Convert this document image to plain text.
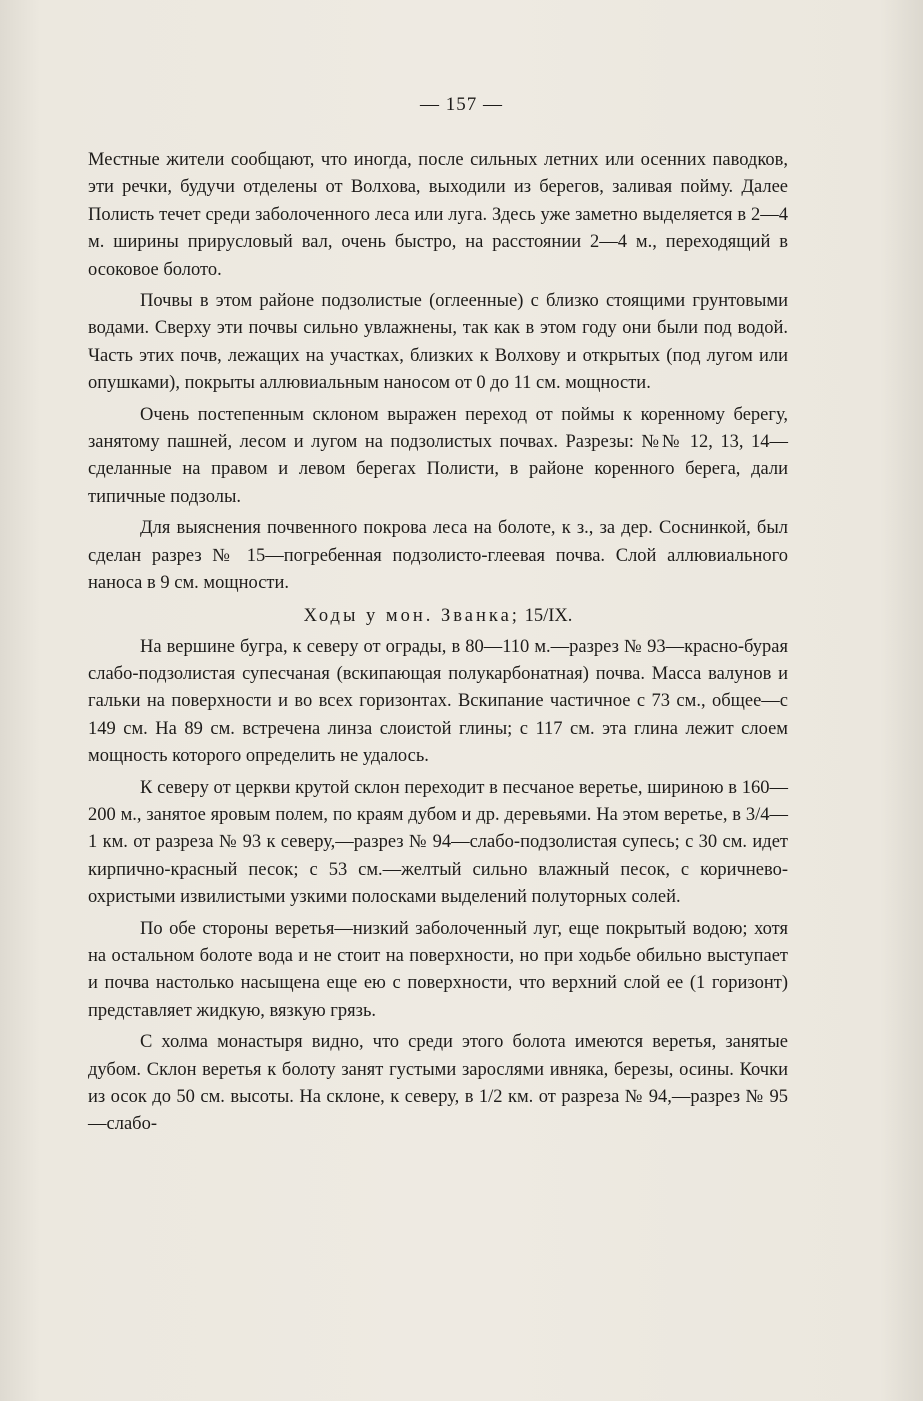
— 157 —

Местные жители сообщают, что иногда, после сильных летних или осенних паводков, эти речки, будучи отделены от Волхова, выходили из берегов, заливая пойму. Далее Полисть течет среди заболоченного леса или луга. Здесь уже заметно выделяется в 2—4 м. ширины прирусловый вал, очень быстро, на расстоянии 2—4 м., переходящий в осоковое болото.

Почвы в этом районе подзолистые (оглеенные) с близко стоящими грунтовыми водами. Сверху эти почвы сильно увлажнены, так как в этом году они были под водой. Часть этих почв, лежащих на участках, близких к Волхову и открытых (под лугом или опушками), покрыты аллювиальным наносом от 0 до 11 см. мощности.

Очень постепенным склоном выражен переход от поймы к коренному берегу, занятому пашней, лесом и лугом на подзолистых почвах. Разрезы: №№ 12, 13, 14—сделанные на правом и левом берегах Полисти, в районе коренного берега, дали типичные подзолы.

Для выяснения почвенного покрова леса на болоте, к з., за дер. Соснинкой, был сделан разрез № 15—погребенная подзолисто-глеевая почва. Слой аллювиального наноса в 9 см. мощности.

Ходы у мон. Званка; 15/IX.

На вершине бугра, к северу от ограды, в 80—110 м.—разрез № 93—красно-бурая слабо-подзолистая супесчаная (вскипающая полукарбонатная) почва. Масса валунов и гальки на поверхности и во всех горизонтах. Вскипание частичное с 73 см., общее—с 149 см. На 89 см. встречена линза слоистой глины; с 117 см. эта глина лежит слоем мощность которого определить не удалось.

К северу от церкви крутой склон переходит в песчаное веретье, шириною в 160—200 м., занятое яровым полем, по краям дубом и др. деревьями. На этом веретье, в 3/4—1 км. от разреза № 93 к северу,—разрез № 94—слабо-подзолистая супесь; с 30 см. идет кирпично-красный песок; с 53 см.—желтый сильно влажный песок, с коричнево-охристыми извилистыми узкими полосками выделений полуторных солей.

По обе стороны веретья—низкий заболоченный луг, еще покрытый водою; хотя на остальном болоте вода и не стоит на поверхности, но при ходьбе обильно выступает и почва настолько насыщена еще ею с поверхности, что верхний слой ее (1 горизонт) представляет жидкую, вязкую грязь.

С холма монастыря видно, что среди этого болота имеются веретья, занятые дубом. Склон веретья к болоту занят густыми зарослями ивняка, березы, осины. Кочки из осок до 50 см. высоты. На склоне, к северу, в 1/2 км. от разреза № 94,—разрез № 95—слабо-
